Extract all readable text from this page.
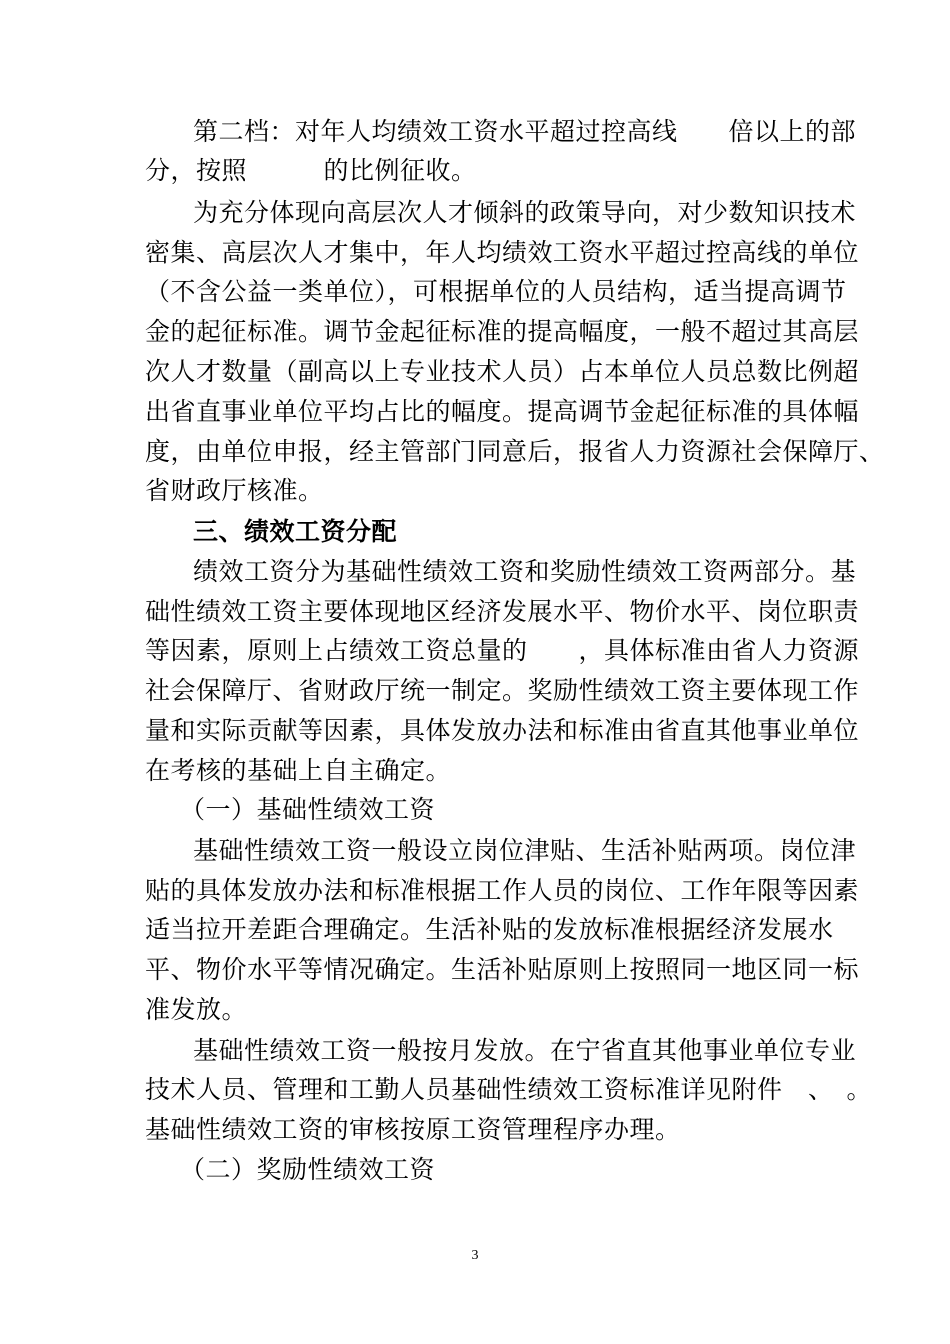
第二档：对年人均绩效工资水平超过控高线　　倍以上的部
分，按照　　　的比例征收。
为充分体现向高层次人才倾斜的政策导向，对少数知识技术
密集、高层次人才集中，年人均绩效工资水平超过控高线的单位
（不含公益一类单位），可根据单位的人员结构，适当提高调节
金的起征标准。调节金起征标准的提高幅度，一般不超过其高层
次人才数量（副高以上专业技术人员）占本单位人员总数比例超
出省直事业单位平均占比的幅度。提高调节金起征标准的具体幅
度，由单位申报，经主管部门同意后，报省人力资源社会保障厅、
省财政厅核准。
三、绩效工资分配
绩效工资分为基础性绩效工资和奖励性绩效工资两部分。基
础性绩效工资主要体现地区经济发展水平、物价水平、岗位职责
等因素，原则上占绩效工资总量的　　，具体标准由省人力资源
社会保障厅、省财政厅统一制定。奖励性绩效工资主要体现工作
量和实际贡献等因素，具体发放办法和标准由省直其他事业单位
在考核的基础上自主确定。
（一）基础性绩效工资
基础性绩效工资一般设立岗位津贴、生活补贴两项。岗位津
贴的具体发放办法和标准根据工作人员的岗位、工作年限等因素
适当拉开差距合理确定。生活补贴的发放标准根据经济发展水
平、物价水平等情况确定。生活补贴原则上按照同一地区同一标
准发放。
基础性绩效工资一般按月发放。在宁省直其他事业单位专业
技术人员、管理和工勤人员基础性绩效工资标准详见附件　、　。
基础性绩效工资的审核按原工资管理程序办理。
（二）奖励性绩效工资
3
